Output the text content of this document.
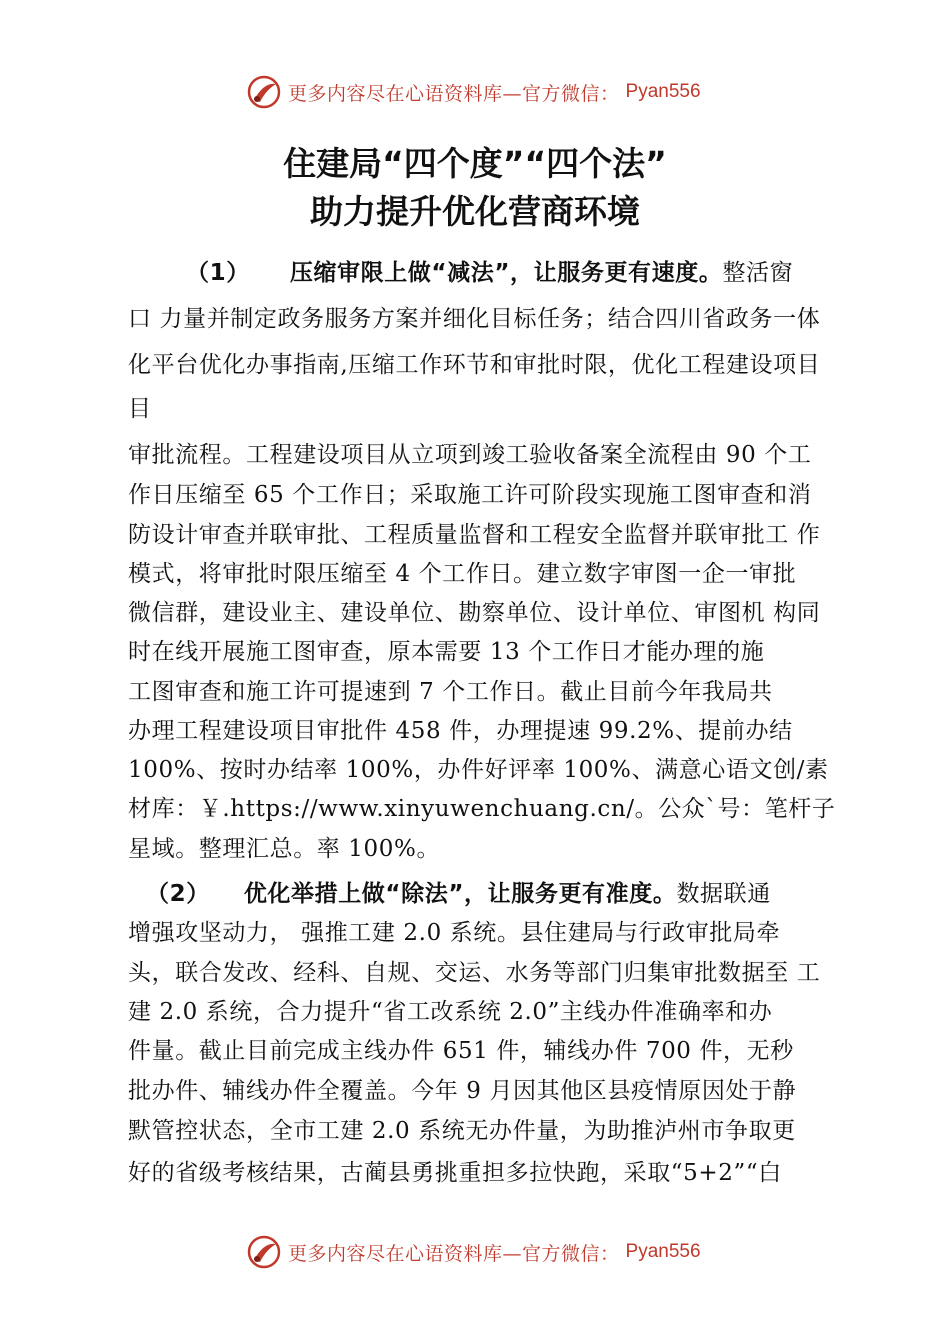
更多内容尽在心语资料库—官方微信： Pyan556
住建局“四个度”“四个法”
助力提升优化营商环境
（1） 压缩审限上做“减法”，让服务更有速度。整活窗
口 力量并制定政务服务方案并细化目标任务；结合四川省政务一体
化平台优化办事指南,压缩工作环节和审批时限，优化工程建设项目
目
审批流程。工程建设项目从立项到竣工验收备案全流程由 90 个工
作日压缩至 65 个工作日；采取施工许可阶段实现施工图审查和消
防设计审查并联审批、工程质量监督和工程安全监督并联审批工 作
模式，将审批时限压缩至 4 个工作日。建立数字审图一企一审批
微信群，建设业主、建设单位、勘察单位、设计单位、审图机 构同
时在线开展施工图审查，原本需要 13 个工作日才能办理的施
工图审查和施工许可提速到 7 个工作日。截止目前今年我局共
办理工程建设项目审批件 458 件，办理提速 99.2%、提前办结
100%、按时办结率 100%，办件好评率 100%、满意心语文创/素
材库：￥.https://www.xinyuwenchuang.cn/。公众`号：笔杆子
星域。整理汇总。率 100%。
（2） 优化举措上做“除法”，让服务更有准度。数据联通
增强攻坚动力， 强推工建 2.0 系统。县住建局与行政审批局牵
头，联合发改、经科、自规、交运、水务等部门归集审批数据至 工
建 2.0 系统，合力提升“省工改系统 2.0”主线办件准确率和办
件量。截止目前完成主线办件 651 件，辅线办件 700 件，无秒
批办件、辅线办件全覆盖。今年 9 月因其他区县疫情原因处于静
默管控状态，全市工建 2.0 系统无办件量，为助推泸州市争取更
好的省级考核结果，古蔺县勇挑重担多拉快跑，采取“5+2”“白
更多内容尽在心语资料库—官方微信： Pyan556
